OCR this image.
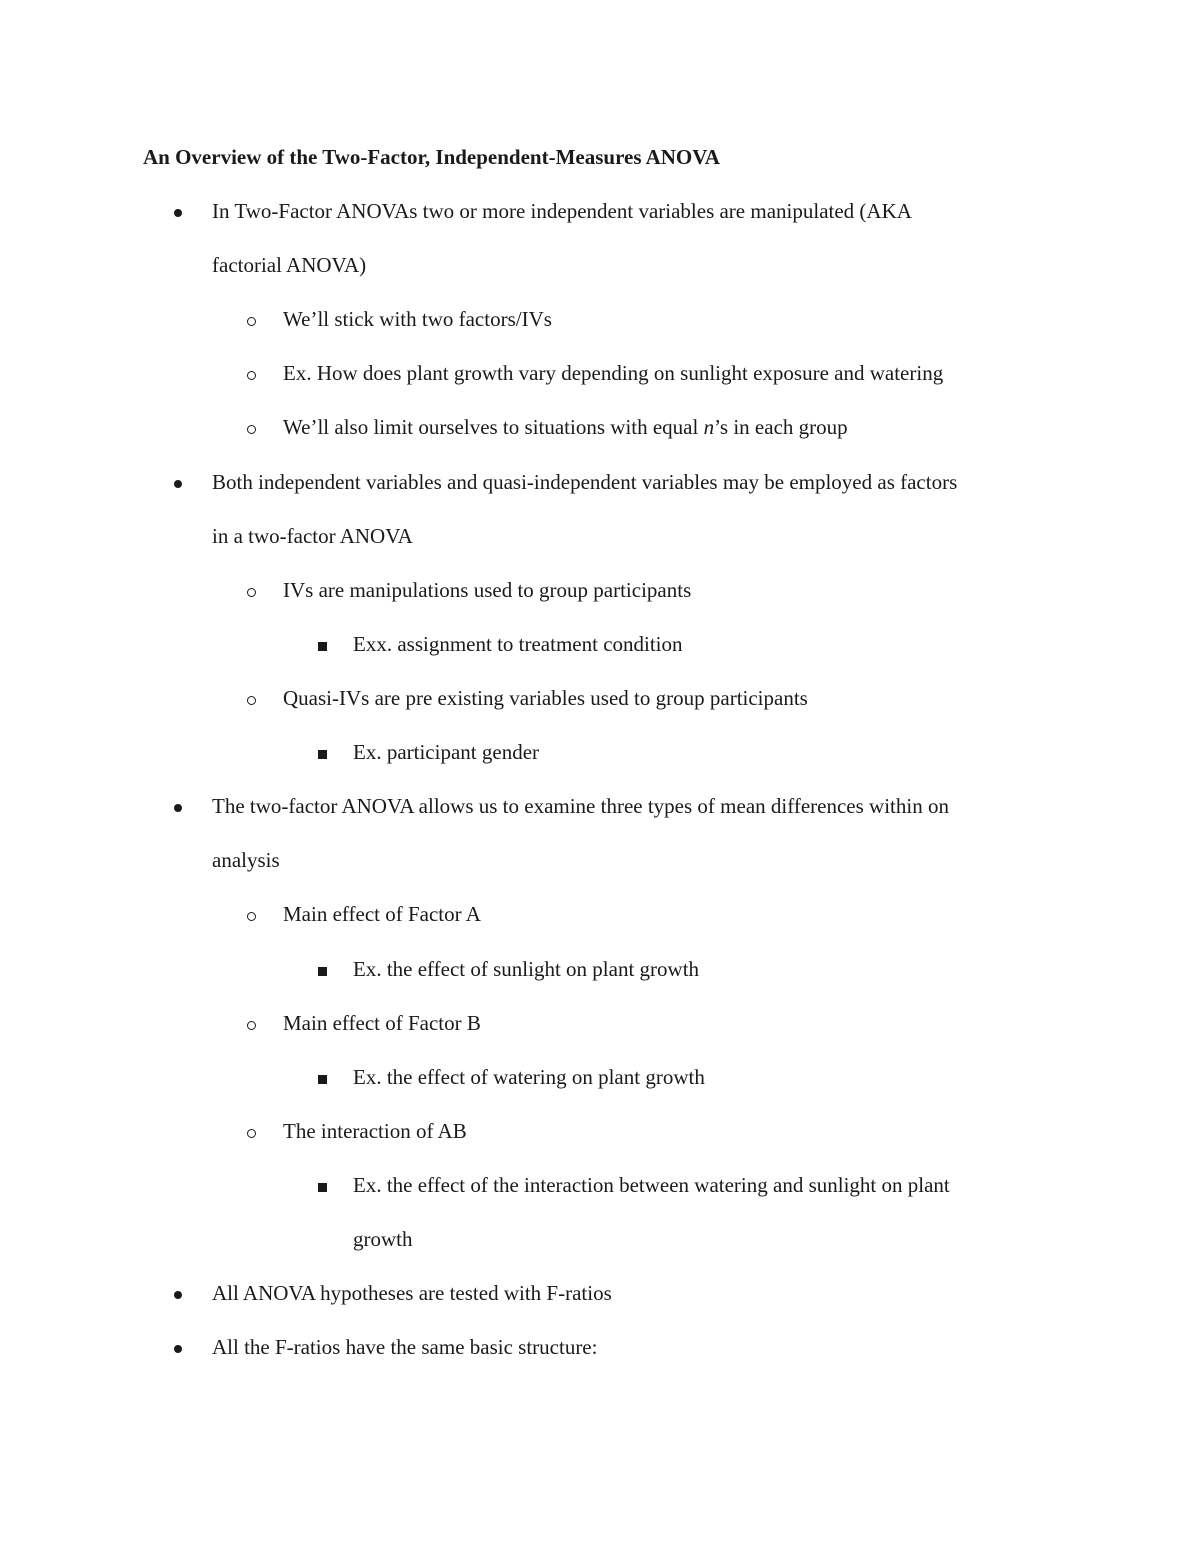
An Overview of the Two-Factor, Independent-Measures ANOVA
In Two-Factor ANOVAs two or more independent variables are manipulated (AKA
factorial ANOVA)
We’ll stick with two factors/IVs
Ex. How does plant growth vary depending on sunlight exposure and watering
We’ll also limit ourselves to situations with equal n’s in each group
Both independent variables and quasi-independent variables may be employed as factors
in a two-factor ANOVA
IVs are manipulations used to group participants
Exx. assignment to treatment condition
Quasi-IVs are pre existing variables used to group participants
Ex. participant gender
The two-factor ANOVA allows us to examine three types of mean differences within on
analysis
Main effect of Factor A
Ex. the effect of sunlight on plant growth
Main effect of Factor B
Ex. the effect of watering on plant growth
The interaction of AB
Ex. the effect of the interaction between watering and sunlight on plant
growth
All ANOVA hypotheses are tested with F-ratios
All the F-ratios have the same basic structure:
